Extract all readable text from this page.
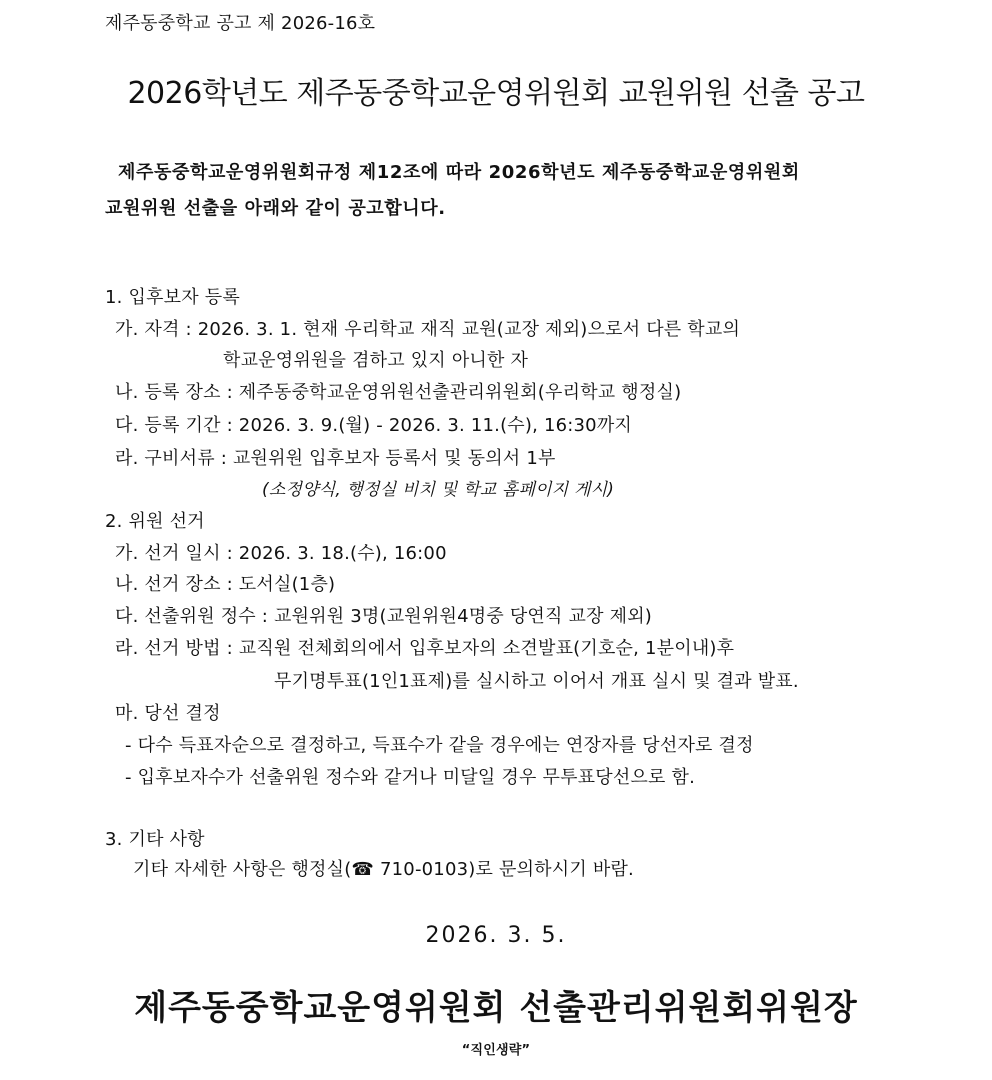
제주동중학교 공고 제 2026-16호
2026학년도 제주동중학교운영위원회 교원위원 선출 공고
제주동중학교운영위원회규정 제12조에 따라 2026학년도 제주동중학교운영위원회
교원위원 선출을 아래와 같이 공고합니다.
1. 입후보자 등록
가. 자격 : 2026. 3. 1. 현재 우리학교 재직 교원(교장 제외)으로서 다른 학교의
학교운영위원을 겸하고 있지 아니한 자
나. 등록 장소 : 제주동중학교운영위원선출관리위원회(우리학교 행정실)
다. 등록 기간 : 2026. 3. 9.(월) - 2026. 3. 11.(수), 16:30까지
라. 구비서류 : 교원위원 입후보자 등록서 및 동의서 1부
(소정양식, 행정실 비치 및 학교 홈페이지 게시)
2. 위원 선거
가. 선거 일시 : 2026. 3. 18.(수), 16:00
나. 선거 장소 : 도서실(1층)
다. 선출위원 정수 : 교원위원 3명(교원위원4명중 당연직 교장 제외)
라. 선거 방법 : 교직원 전체회의에서 입후보자의 소견발표(기호순, 1분이내)후
무기명투표(1인1표제)를 실시하고 이어서 개표 실시 및 결과 발표.
마. 당선 결정
- 다수 득표자순으로 결정하고, 득표수가 같을 경우에는 연장자를 당선자로 결정
- 입후보자수가 선출위원 정수와 같거나 미달일 경우 무투표당선으로 함.
3. 기타 사항
기타 자세한 사항은 행정실(☎ 710-0103)로 문의하시기 바람.
2026. 3. 5.
제주동중학교운영위원회 선출관리위원회위원장
“직인생략”
